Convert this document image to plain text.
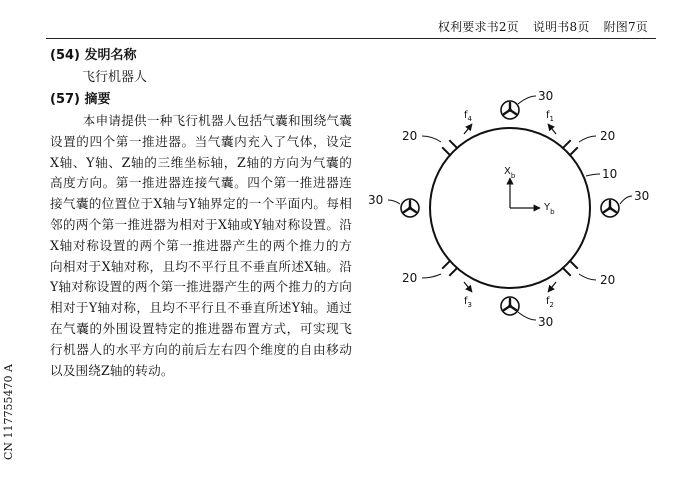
权利要求书2页 说明书8页 附图7页
(54) 发明名称
飞行机器人
(57) 摘要
本申请提供一种飞行机器人包括气囊和围绕气囊设置的四个第一推进器。当气囊内充入了气体，设定X轴、Y轴、Z轴的三维坐标轴，Z轴的方向为气囊的高度方向。第一推进器连接气囊。四个第一推进器连接气囊的位置位于X轴与Y轴界定的一个平面内。每相邻的两个第一推进器为相对于X轴或Y轴对称设置。沿X轴对称设置的两个第一推进器产生的两个推力的方向相对于X轴对称，且均不平行且不垂直所述X轴。沿Y轴对称设置的两个第一推进器产生的两个推力的方向相对于Y轴对称，且均不平行且不垂直所述Y轴。通过在气囊的外围设置特定的推进器布置方式，可实现飞行机器人的水平方向的前后左右四个维度的自由移动以及围绕Z轴的转动。
CN 117755470 A
$X_b$
$Y_b$
$f_4$	$f_1$
$f_3$	$f_2$
30
30
30
30
20
20
20
20
10
